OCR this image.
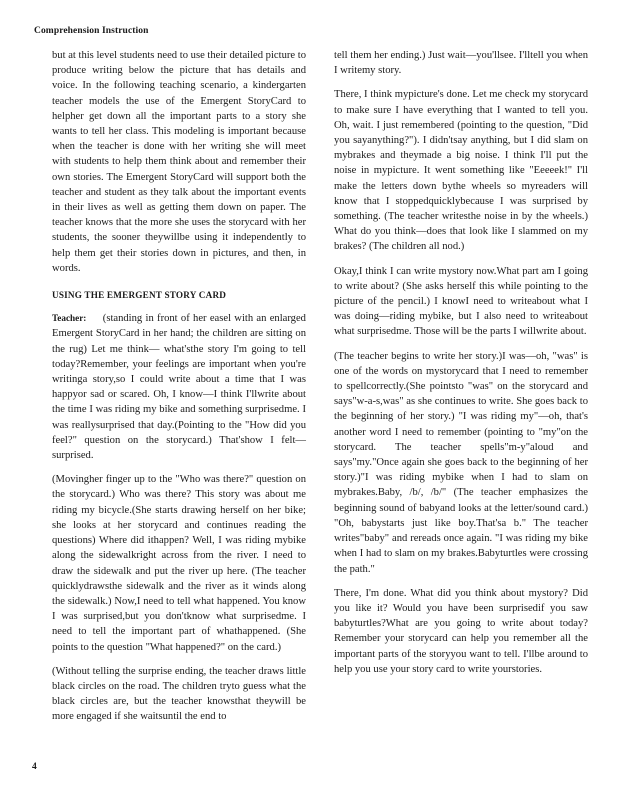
Comprehension Instruction

but at this level students need to use their detailed picture to produce writing below the picture that has details and voice. In the following teaching scenario, a kindergarten teacher models the use of the Emergent StoryCard to helpher get down all the important parts to a story she wants to tell her class. This modeling is important because when the teacher is done with her writing she will meet with students to help them think about and remember their own stories. The Emergent StoryCard will support both the teacher and student as they talk about the important events in their lives as well as getting them down on paper. The teacher knows that the more she uses the storycard with her students, the sooner theywillbe using it independently to help them get their stories down in pictures, and then, in words.

USING THE EMERGENT STORY CARD

Teacher: (standing in front of her easel with an enlarged Emergent StoryCard in her hand; the children are sitting on the rug) Let me think— what'sthe story I'm going to tell today?Remember, your feelings are important when you're writinga story,so I could write about a time that I was happyor sad or scared. Oh, I know—I think I'llwrite about the time I was riding my bike and something surprisedme. I was reallysurprised that day.(Pointing to the "How did you feel?" question on the storycard.) That'show I felt—surprised.

(Movingher finger up to the "Who was there?" question on the storycard.) Who was there? This story was about me riding my bicycle.(She starts drawing herself on her bike; she looks at her storycard and continues reading the questions) Where did ithappen? Well, I was riding mybike along the sidewalkright across from the river. I need to draw the sidewalk and put the river up here. (The teacher quicklydrawsthe sidewalk and the river as it winds along the sidewalk.) Now,I need to tell what happened. You know I was surprised,but you don'tknow what surprisedme. I need to tell the important part of whathappened. (She points to the question "What happened?" on the card.)

(Without telling the surprise ending, the teacher draws little black circles on the road. The children tryto guess what the black circles are, but the teacher knowsthat theywill be more engaged if she waitsuntil the end to

tell them her ending.) Just wait—you'llsee. I'lltell you when I writemy story.

There, I think mypicture's done. Let me check my storycard to make sure I have everything that I wanted to tell you. Oh, wait. I just remembered (pointing to the question, "Did you sayanything?"). I didn'tsay anything, but I did slam on mybrakes and theymade a big noise. I think I'll put the noise in mypicture. It went something like "Eeeeek!" I'll make the letters down bythe wheels so myreaders will know that I stoppedquicklybecause I was surprised by something. (The teacher writesthe noise in by the wheels.) What do you think—does that look like I slammed on my brakes? (The children all nod.)

Okay,I think I can write mystory now.What part am I going to write about? (She asks herself this while pointing to the picture of the pencil.) I knowI need to writeabout what I was doing—riding mybike, but I also need to writeabout what surprisedme. Those will be the parts I willwrite about.

(The teacher begins to write her story.)I was—oh, "was" is one of the words on mystorycard that I need to remember to spellcorrectly.(She pointsto "was" on the storycard and says"w-a-s,was" as she continues to write. She goes back to the beginning of her story.) "I was riding my"—oh, that's another word I need to remember (pointing to "my"on the storycard. The teacher spells"m-y"aloud and says"my."Once again she goes back to the beginning of her story.)"I was riding mybike when I had to slam on mybrakes.Baby, /b/, /b/" (The teacher emphasizes the beginning sound of babyand looks at the letter/sound card.) "Oh, babystarts just like boy.That'sa b." The teacher writes"baby" and rereads once again. "I was riding my bike when I had to slam on my brakes.Babyturtles were crossing the path."

There, I'm done. What did you think about mystory? Did you like it? Would you have been surprisedif you saw babyturtles?What are you going to write about today?Remember your storycard can help you remember all the important parts of the storyyou want to tell. I'llbe around to help you use your story card to write yourstories.

4
